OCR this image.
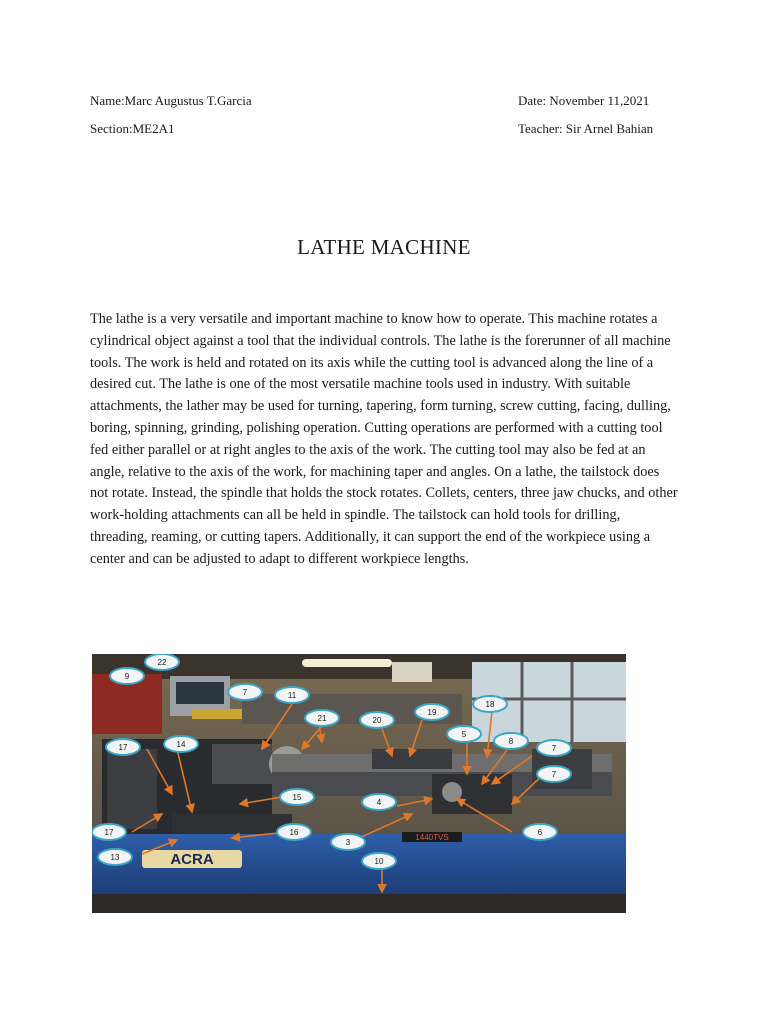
Name:Marc Augustus T.Garcia
Section:ME2A1
Date: November 11,2021
Teacher: Sir Arnel Bahian
LATHE MACHINE

The lathe is a very versatile and important machine to know how to operate. This machine rotates a cylindrical object against a tool that the individual controls. The lathe is the forerunner of all machine tools. The work is held and rotated on its axis while the cutting tool is advanced along the line of a desired cut. The lathe is one of the most versatile machine tools used in industry. With suitable attachments, the lather may be used for turning, tapering, form turning, screw cutting, facing, dulling, boring, spinning, grinding, polishing operation. Cutting operations are performed with a cutting tool fed either parallel or at right angles to the axis of the work. The cutting tool may also be fed at an angle, relative to the axis of the work, for machining taper and angles. On a lathe, the tailstock does not rotate. Instead, the spindle that holds the stock rotates. Collets, centers, three jaw chucks, and other work-holding attachments can all be held in spindle. The tailstock can hold tools for drilling, threading, reaming, or cutting tapers. Additionally, it can support the end of the workpiece using a center and can be adjusted to adapt to different workpiece lengths.

ACRA
1440TVS
22
9
7	11
21	20
19
18
5
8
7
7
17	14
15
4
6
17	16
3
13	10
